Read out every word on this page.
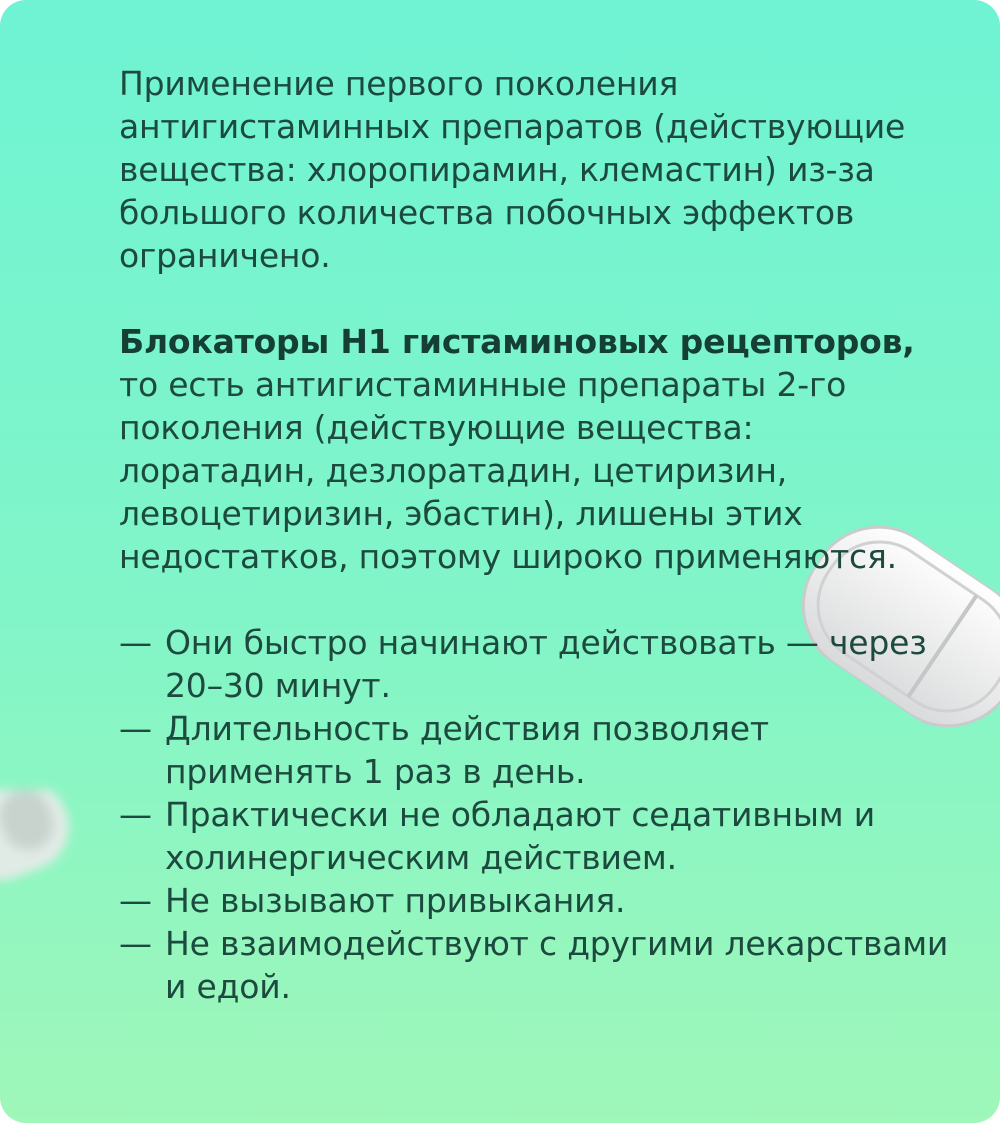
Применение первого поколения антигистаминных препаратов (действующие вещества: хлоропирамин, клемастин) из-за большого количества побочных эффектов ограничено.

Блокаторы H1 гистаминовых рецепторов, то есть антигистаминные препараты 2-го поколения (действующие вещества: лоратадин, дезлоратадин, цетиризин, левоцетиризин, эбастин), лишены этих недостатков, поэтому широко применяются.

— Они быстро начинают действовать — через 20–30 минут.
— Длительность действия позволяет применять 1 раз в день.
— Практически не обладают седативным и холинергическим действием.
— Не вызывают привыкания.
— Не взаимодействуют с другими лекарствами и едой.
